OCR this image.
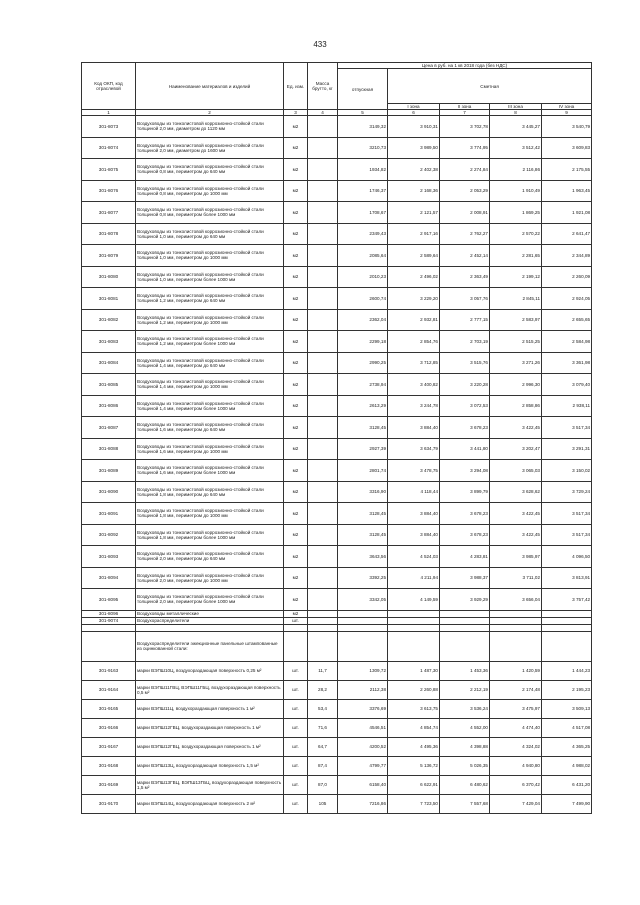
433
Код ОКП, код отраслевой	Наименование материалов и изделий	Ед. изм.	Масса брутто, кг	Цена в руб. на 1 кв 2018 года (без НДС)				
				отпускная	Сметная			
					I зона	II зона	III зона	IV зона
1	2	3	4	5	6	7	8	9
301-8073	Воздуховоды из тонколистовой коррозионно-стойкой стали толщиной 2,0 мм, диаметром до 1120 мм	м2		3149,32	3 910,31	3 702,78	3 445,27	3 540,79
301-8074	Воздуховоды из тонколистовой коррозионно-стойкой стали толщиной 2,0 мм, диаметром до 1600 мм	м2		3210,73	3 989,50	3 774,95	3 512,42	3 609,83
301-8075	Воздуховоды из тонколистовой коррозионно-стойкой стали толщиной 0,8 мм, периметром до 640 мм	м2		1934,82	2 402,38	2 274,84	2 116,86	2 175,55
301-8076	Воздуховоды из тонколистовой коррозионно-стойкой стали толщиной 0,8 мм, периметром до 1000 мм	м2		1746,37	2 168,36	2 053,29	1 910,49	1 963,45
301-8077	Воздуховоды из тонколистовой коррозионно-стойкой стали толщиной 0,8 мм, периметром более 1000 мм	м2		1708,67	2 121,57	2 008,91	1 869,25	1 921,08
301-8078	Воздуховоды из тонколистовой коррозионно-стойкой стали толщиной 1,0 мм, периметром до 640 мм	м2		2349,43	2 917,16	2 762,27	2 570,22	2 641,47
301-8079	Воздуховоды из тонколистовой коррозионно-стойкой стали толщиной 1,0 мм, периметром до 1000 мм	м2		2085,64	2 589,64	2 452,14	2 281,65	2 344,89
301-8080	Воздуховоды из тонколистовой коррозионно-стойкой стали толщиной 1,0 мм, периметром более 1000 мм	м2		2010,23	2 496,02	2 363,49	2 199,12	2 260,09
301-8081	Воздуховоды из тонколистовой коррозионно-стойкой стали толщиной 1,2 мм, периметром до 640 мм	м2		2600,74	3 229,20	3 057,76	2 845,11	2 924,05
301-8082	Воздуховоды из тонколистовой коррозионно-стойкой стали толщиной 1,2 мм, периметром до 1000 мм	м2		2362,04	2 932,81	2 777,15	2 583,97	2 655,65
301-8083	Воздуховоды из тонколистовой коррозионно-стойкой стали толщиной 1,2 мм, периметром более 1000 мм	м2		2299,18	2 854,76	2 703,19	2 515,25	2 584,98
301-8084	Воздуховоды из тонколистовой коррозионно-стойкой стали толщиной 1,4 мм, периметром до 640 мм	м2		2990,25	3 712,85	3 515,76	3 271,26	3 361,98
301-8085	Воздуховоды из тонколистовой коррозионно-стойкой стали толщиной 1,4 мм, периметром до 1000 мм	м2		2738,94	3 400,82	3 220,28	2 996,30	3 079,40
301-8086	Воздуховоды из тонколистовой коррозионно-стойкой стали толщиной 1,4 мм, периметром более 1000 мм	м2		2613,29	3 244,78	3 072,53	2 858,86	2 938,11
301-8087	Воздуховоды из тонколистовой коррозионно-стойкой стали толщиной 1,6 мм, периметром до 640 мм	м2		3128,45	3 884,40	3 678,23	3 422,45	3 517,34
301-8088	Воздуховоды из тонколистовой коррозионно-стойкой стали толщиной 1,6 мм, периметром до 1000 мм	м2		2927,39	3 634,79	3 441,80	3 202,47	3 291,31
301-8089	Воздуховоды из тонколистовой коррозионно-стойкой стали толщиной 1,6 мм, периметром более 1000 мм	м2		2801,74	3 478,75	3 294,08	3 065,03	3 150,02
301-8090	Воздуховоды из тонколистовой коррозионно-стойкой стали толщиной 1,8 мм, периметром до 640 мм	м2		3316,90	4 118,44	3 899,79	3 628,62	3 729,24
301-8091	Воздуховоды из тонколистовой коррозионно-стойкой стали толщиной 1,8 мм, периметром до 1000 мм	м2		3128,45	3 884,40	3 678,23	3 422,45	3 517,34
301-8092	Воздуховоды из тонколистовой коррозионно-стойкой стали толщиной 1,8 мм, периметром более 1000 мм	м2		3128,45	3 884,40	3 678,23	3 422,45	3 517,34
301-8093	Воздуховоды из тонколистовой коррозионно-стойкой стали толщиной 2,0 мм, периметром до 640 мм	м2		3643,56	4 524,03	4 283,81	3 985,97	4 096,50
301-8094	Воздуховоды из тонколистовой коррозионно-стойкой стали толщиной 2,0 мм, периметром до 1000 мм	м2		3392,25	4 211,94	3 988,37	3 711,02	3 813,91
301-8095	Воздуховоды из тонколистовой коррозионно-стойкой стали толщиной 2,0 мм, периметром более 1000 мм	м2		3342,05	4 149,59	3 929,29	3 656,04	3 757,42
301-8096	Воздуховоды металлические	м2						
301-9074	Воздухораспределители	шт.						

	Воздухораспределители эжекционные панельные штампованные из оцинкованной стали:							
301-9163	марки ВЭПШ10Ц, воздухораздающая поверхность 0,25 м²	шт.	11,7	1309,72	1 487,30	1 453,36	1 420,59	1 444,23
301-9164	марки ВЭПШ11ГВЦ, ВЭПШ11ГБЦ, воздухораздающая поверхность 0,5 м²	шт.	28,2	2112,38	2 260,88	2 212,19	2 174,48	2 195,23
301-9165	марки ВЭПШ11Ц, воздухораздающая поверхность 1 м²	шт.	53,4	3376,69	3 613,75	3 536,24	3 475,97	3 509,13
301-9166	марки ВЭПШ12ГВЦ, воздухораздающая поверхность 1 м²	шт.	71,6	4546,51	4 854,74	4 552,00	4 474,40	4 517,08
301-9167	марки ВЭПШ12ГВЦ, воздухораздающая поверхность 1 м²	шт.	64,7	4200,52	4 495,36	4 398,88	4 324,02	4 365,25
301-9168	марки ВЭПШ13Ц, воздухораздающая поверхность 1,5 м²	шт.	87,4	4799,77	5 136,72	5 026,35	4 940,80	4 988,02
301-9169	марки ВЭПШ13ГВЦ, ВЭПШ13ГБЦ, воздухораздающая поверхность 1,5 м²	шт.	87,0	6158,40	6 622,91	6 480,62	6 370,42	6 431,20
301-9170	марки ВЭПШ14Ц, воздухораздающая поверхность 2 м²	шт.	105	7216,86	7 723,50	7 557,68	7 429,04	7 499,90
